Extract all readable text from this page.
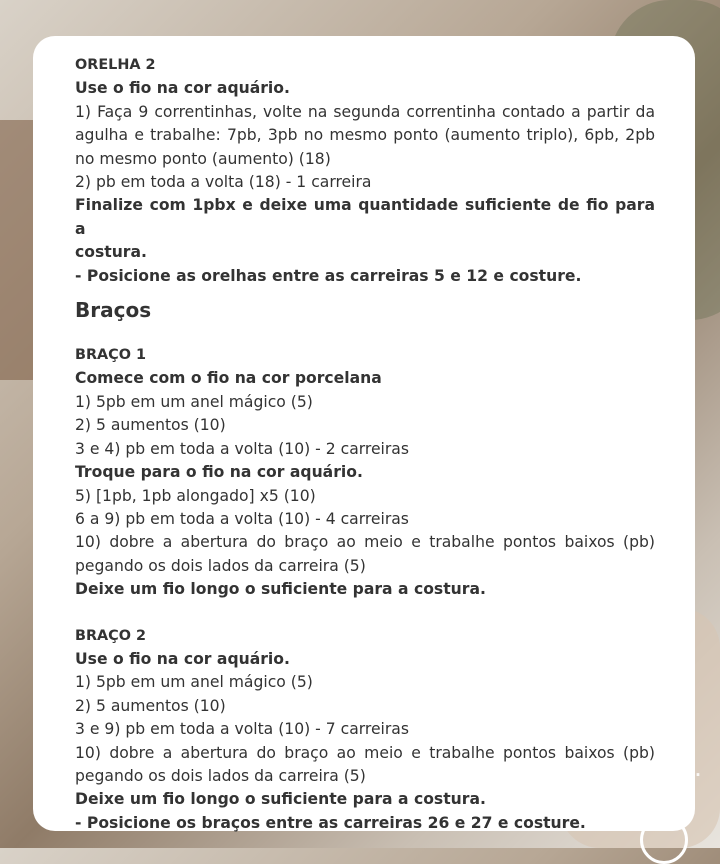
ORELHA 2

Use o fio na cor aquário.

1) Faça 9 correntinhas, volte na segunda correntinha contado a partir da

agulha e trabalhe: 7pb, 3pb no mesmo ponto (aumento triplo), 6pb, 2pb

no mesmo ponto (aumento) (18)

2) pb em toda a volta (18) - 1 carreira

Finalize com 1pbx e deixe uma quantidade suficiente de fio para a

costura.

- Posicione as orelhas entre as carreiras 5 e 12 e costure.

Braços

BRAÇO 1

Comece com o fio na cor porcelana

1) 5pb em um anel mágico (5)

2) 5 aumentos (10)

3 e 4) pb em toda a volta (10) - 2 carreiras

Troque para o fio na cor aquário.

5) [1pb, 1pb alongado] x5 (10)

6 a 9) pb em toda a volta (10) - 4 carreiras

10) dobre a abertura do braço ao meio e trabalhe pontos baixos (pb)

pegando os dois lados da carreira (5)

Deixe um fio longo o suficiente para a costura.

BRAÇO 2

Use o fio na cor aquário.

1) 5pb em um anel mágico (5)

2) 5 aumentos (10)

3 e 9) pb em toda a volta (10) - 7 carreiras

10) dobre a abertura do braço ao meio e trabalhe pontos baixos (pb)

pegando os dois lados da carreira (5)

Deixe um fio longo o suficiente para a costura.

- Posicione os braços entre as carreiras 26 e 27 e costure.

Me gu...
